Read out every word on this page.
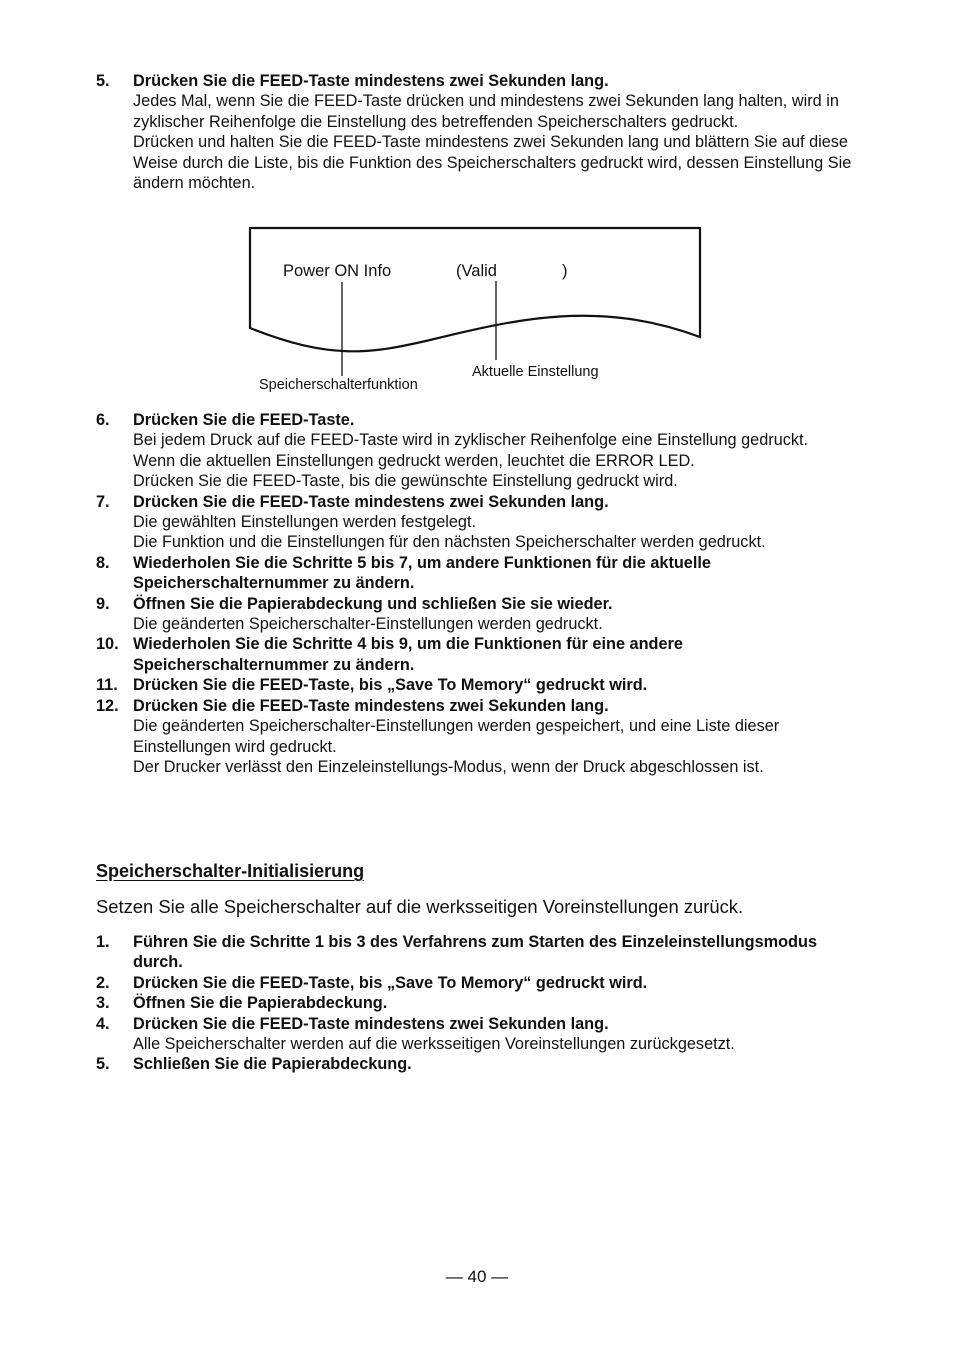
5. Drücken Sie die FEED-Taste mindestens zwei Sekunden lang.
Jedes Mal, wenn Sie die FEED-Taste drücken und mindestens zwei Sekunden lang halten, wird in zyklischer Reihenfolge die Einstellung des betreffenden Speicherschalters gedruckt.
Drücken und halten Sie die FEED-Taste mindestens zwei Sekunden lang und blättern Sie auf diese Weise durch die Liste, bis die Funktion des Speicherschalters gedruckt wird, dessen Einstellung Sie ändern möchten.
Power ON Info	(Valid	)
Speicherschalterfunktion
Aktuelle Einstellung
6. Drücken Sie die FEED-Taste.
Bei jedem Druck auf die FEED-Taste wird in zyklischer Reihenfolge eine Einstellung gedruckt.
Wenn die aktuellen Einstellungen gedruckt werden, leuchtet die ERROR LED.
Drücken Sie die FEED-Taste, bis die gewünschte Einstellung gedruckt wird.
7. Drücken Sie die FEED-Taste mindestens zwei Sekunden lang.
Die gewählten Einstellungen werden festgelegt.
Die Funktion und die Einstellungen für den nächsten Speicherschalter werden gedruckt.
8. Wiederholen Sie die Schritte 5 bis 7, um andere Funktionen für die aktuelle Speicherschalternummer zu ändern.
9. Öffnen Sie die Papierabdeckung und schließen Sie sie wieder.
Die geänderten Speicherschalter-Einstellungen werden gedruckt.
10. Wiederholen Sie die Schritte 4 bis 9, um die Funktionen für eine andere Speicherschalternummer zu ändern.
11. Drücken Sie die FEED-Taste, bis „Save To Memory“ gedruckt wird.
12. Drücken Sie die FEED-Taste mindestens zwei Sekunden lang.
Die geänderten Speicherschalter-Einstellungen werden gespeichert, und eine Liste dieser Einstellungen wird gedruckt.
Der Drucker verlässt den Einzeleinstellungs-Modus, wenn der Druck abgeschlossen ist.
Speicherschalter-Initialisierung
Setzen Sie alle Speicherschalter auf die werksseitigen Voreinstellungen zurück.
1. Führen Sie die Schritte 1 bis 3 des Verfahrens zum Starten des Einzeleinstellungsmodus durch.
2. Drücken Sie die FEED-Taste, bis „Save To Memory“ gedruckt wird.
3. Öffnen Sie die Papierabdeckung.
4. Drücken Sie die FEED-Taste mindestens zwei Sekunden lang.
Alle Speicherschalter werden auf die werksseitigen Voreinstellungen zurückgesetzt.
5. Schließen Sie die Papierabdeckung.
— 40 —
